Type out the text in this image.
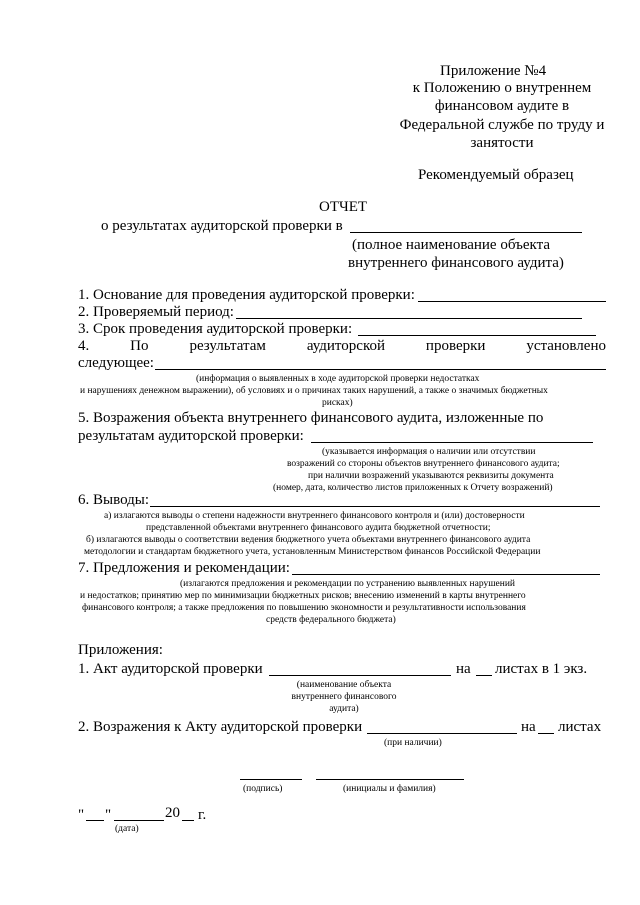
Приложение №4
к Положению о внутреннем
финансовом аудите в
Федеральной службе по труду и
занятости
Рекомендуемый образец
ОТЧЕТ
о результатах аудиторской проверки в
(полное наименование объекта
внутреннего финансового аудита)
1. Основание для проведения аудиторской проверки:
2. Проверяемый период:
3. Срок проведения аудиторской проверки:
4.	По	результатам	аудиторской	проверки	установлено
следующее:
(информация о выявленных в ходе аудиторской проверки недостатках
и нарушениях денежном выражении), об условиях и о причинах таких нарушений, а также о значимых бюджетных
рисках)
5. Возражения объекта внутреннего финансового аудита, изложенные по
результатам аудиторской проверки:
(указывается информация о наличии или отсутствии
возражений со стороны объектов внутреннего финансового аудита;
при наличии возражений указываются реквизиты документа
(номер, дата, количество листов приложенных к Отчету возражений)
6. Выводы:
а) излагаются выводы о степени надежности внутреннего финансового контроля и (или) достоверности
представленной объектами внутреннего финансового аудита бюджетной отчетности;
б) излагаются выводы о соответствии ведения бюджетного учета объектами внутреннего финансового аудита
методологии и стандартам бюджетного учета, установленным Министерством финансов Российской Федерации
7. Предложения и рекомендации:
(излагаются предложения и рекомендации по устранению выявленных нарушений
и недостатков; принятию мер по минимизации бюджетных рисков; внесению изменений в карты внутреннего
финансового контроля; а также предложения по повышению экономности и результативности использования
средств федерального бюджета)
Приложения:
1. Акт аудиторской проверки	на листах в 1 экз.
(наименование объекта
внутреннего финансового
аудита)
2. Возражения к Акту аудиторской проверки	на листах
(при наличии)
(подпись)	(инициалы и фамилия)
" "	20 г.
(дата)
